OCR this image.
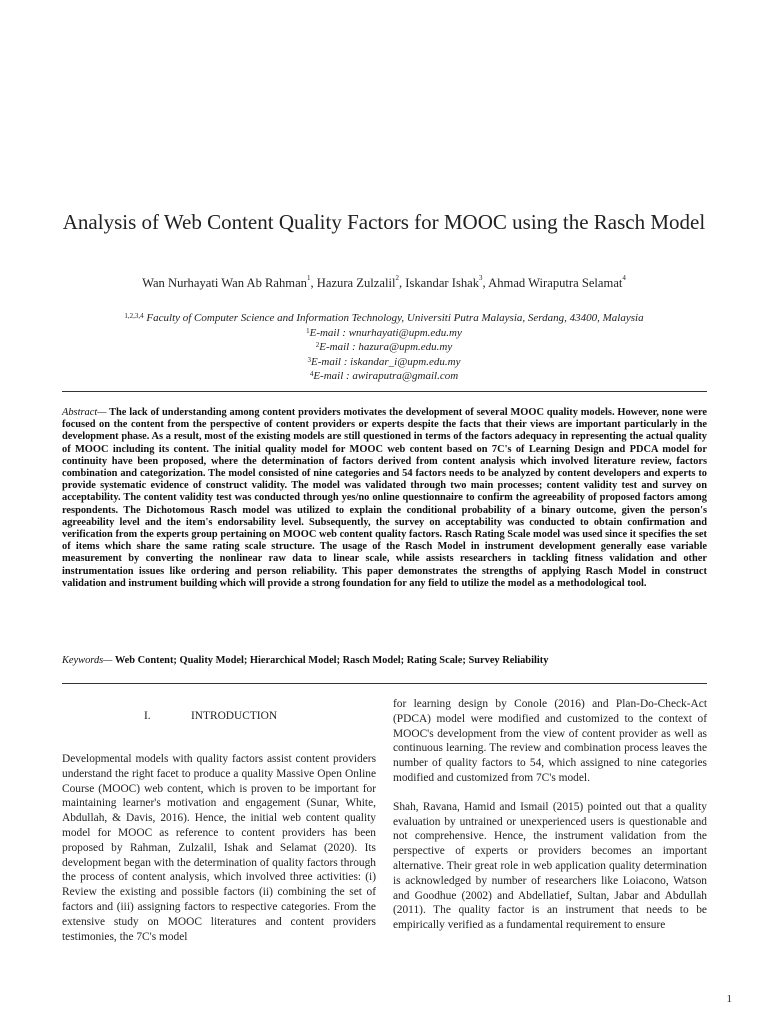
Analysis of Web Content Quality Factors for MOOC using the Rasch Model
Wan Nurhayati Wan Ab Rahman$^1$, Hazura Zulzalil$^2$, Iskandar Ishak$^3$, Ahmad Wiraputra Selamat$^4$
$^{1,2,3,4}$ Faculty of Computer Science and Information Technology, Universiti Putra Malaysia, Serdang, 43400, Malaysia
$^1$E-mail : wnurhayati@upm.edu.my
$^2$E-mail : hazura@upm.edu.my
$^3$E-mail : iskandar_i@upm.edu.my
$^4$E-mail : awiraputra@gmail.com
Abstract— The lack of understanding among content providers motivates the development of several MOOC quality models. However, none were focused on the content from the perspective of content providers or experts despite the facts that their views are important particularly in the development phase. As a result, most of the existing models are still questioned in terms of the factors adequacy in representing the actual quality of MOOC including its content. The initial quality model for MOOC web content based on 7C's of Learning Design and PDCA model for continuity have been proposed, where the determination of factors derived from content analysis which involved literature review, factors combination and categorization. The model consisted of nine categories and 54 factors needs to be analyzed by content developers and experts to provide systematic evidence of construct validity. The model was validated through two main processes; content validity test and survey on acceptability. The content validity test was conducted through yes/no online questionnaire to confirm the agreeability of proposed factors among respondents. The Dichotomous Rasch model was utilized to explain the conditional probability of a binary outcome, given the person's agreeability level and the item's endorsability level. Subsequently, the survey on acceptability was conducted to obtain confirmation and verification from the experts group pertaining on MOOC web content quality factors. Rasch Rating Scale model was used since it specifies the set of items which share the same rating scale structure. The usage of the Rasch Model in instrument development generally ease variable measurement by converting the nonlinear raw data to linear scale, while assists researchers in tackling fitness validation and other instrumentation issues like ordering and person reliability. This paper demonstrates the strengths of applying Rasch Model in construct validation and instrument building which will provide a strong foundation for any field to utilize the model as a methodological tool.
Keywords— Web Content; Quality Model; Hierarchical Model; Rasch Model; Rating Scale; Survey Reliability
I.	INTRODUCTION

Developmental models with quality factors assist content providers understand the right facet to produce a quality Massive Open Online Course (MOOC) web content, which is proven to be important for maintaining learner's motivation and engagement (Sunar, White, Abdullah, & Davis, 2016). Hence, the initial web content quality model for MOOC as reference to content providers has been proposed by Rahman, Zulzalil, Ishak and Selamat (2020). Its development began with the determination of quality factors through the process of content analysis, which involved three activities: (i) Review the existing and possible factors (ii) combining the set of factors and (iii) assigning factors to respective categories. From the extensive study on MOOC literatures and content providers testimonies, the 7C's model

for learning design by Conole (2016) and Plan-Do-Check-Act (PDCA) model were modified and customized to the context of MOOC's development from the view of content provider as well as continuous learning. The review and combination process leaves the number of quality factors to 54, which assigned to nine categories modified and customized from 7C's model.

Shah, Ravana, Hamid and Ismail (2015) pointed out that a quality evaluation by untrained or unexperienced users is questionable and not comprehensive. Hence, the instrument validation from the perspective of experts or providers becomes an important alternative. Their great role in web application quality determination is acknowledged by number of researchers like Loiacono, Watson and Goodhue (2002) and Abdellatief, Sultan, Jabar and Abdullah (2011). The quality factor is an instrument that needs to be empirically verified as a fundamental requirement to ensure

1
